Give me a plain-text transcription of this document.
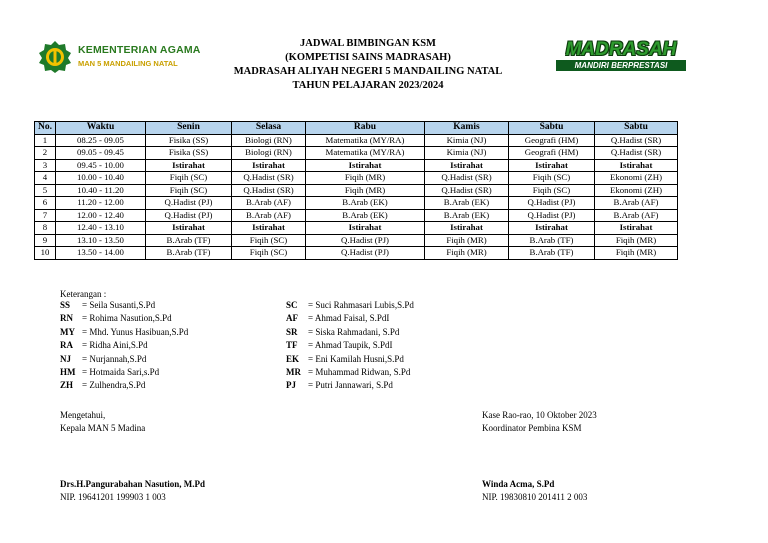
KEMENTERIAN AGAMA
MAN 5 MANDAILING NATAL
JADWAL BIMBINGAN KSM
(KOMPETISI SAINS MADRASAH)
MADRASAH ALIYAH NEGERI 5 MANDAILING NATAL
TAHUN PELAJARAN 2023/2024
MADRASAH
MANDIRI BERPRESTASI
No.	Waktu	Senin	Selasa	Rabu	Kamis	Sabtu	Sabtu
1	08.25 - 09.05	Fisika (SS)	Biologi (RN)	Matematika (MY/RA)	Kimia (NJ)	Geografi (HM)	Q.Hadist (SR)
2	09.05 - 09.45	Fisika (SS)	Biologi (RN)	Matematika (MY/RA)	Kimia (NJ)	Geografi (HM)	Q.Hadist (SR)
3	09.45 - 10.00	Istirahat	Istirahat	Istirahat	Istirahat	Istirahat	Istirahat
4	10.00 - 10.40	Fiqih (SC)	Q.Hadist (SR)	Fiqih (MR)	Q.Hadist (SR)	Fiqih (SC)	Ekonomi (ZH)
5	10.40 - 11.20	Fiqih (SC)	Q.Hadist (SR)	Fiqih (MR)	Q.Hadist (SR)	Fiqih (SC)	Ekonomi (ZH)
6	11.20 - 12.00	Q.Hadist (PJ)	B.Arab (AF)	B.Arab (EK)	B.Arab (EK)	Q.Hadist (PJ)	B.Arab (AF)
7	12.00 - 12.40	Q.Hadist (PJ)	B.Arab (AF)	B.Arab (EK)	B.Arab (EK)	Q.Hadist (PJ)	B.Arab (AF)
8	12.40 - 13.10	Istirahat	Istirahat	Istirahat	Istirahat	Istirahat	Istirahat
9	13.10 - 13.50	B.Arab (TF)	Fiqih (SC)	Q.Hadist (PJ)	Fiqih (MR)	B.Arab (TF)	Fiqih (MR)
10	13.50 - 14.00	B.Arab (TF)	Fiqih (SC)	Q.Hadist (PJ)	Fiqih (MR)	B.Arab (TF)	Fiqih (MR)
Keterangan :
SS = Seila Susanti,S.Pd
RN = Rohima Nasution,S.Pd
MY = Mhd. Yunus Hasibuan,S.Pd
RA = Ridha Aini,S.Pd
NJ = Nurjannah,S.Pd
HM = Hotmaida Sari,s.Pd
ZH = Zulhendra,S.Pd
SC = Suci Rahmasari Lubis,S.Pd
AF = Ahmad Faisal, S.PdI
SR = Siska Rahmadani, S.Pd
TF = Ahmad Taupik, S.PdI
EK = Eni Kamilah Husni,S.Pd
MR = Muhammad Ridwan, S.Pd
PJ = Putri Jannawari, S.Pd
Mengetahui,
Kepala MAN 5 Madina
Drs.H.Pangurabahan Nasution, M.Pd
NIP. 19641201 199903 1 003
Kase Rao-rao, 10 Oktober 2023
Koordinator Pembina KSM
Winda Acma, S.Pd
NIP. 19830810 201411 2 003
